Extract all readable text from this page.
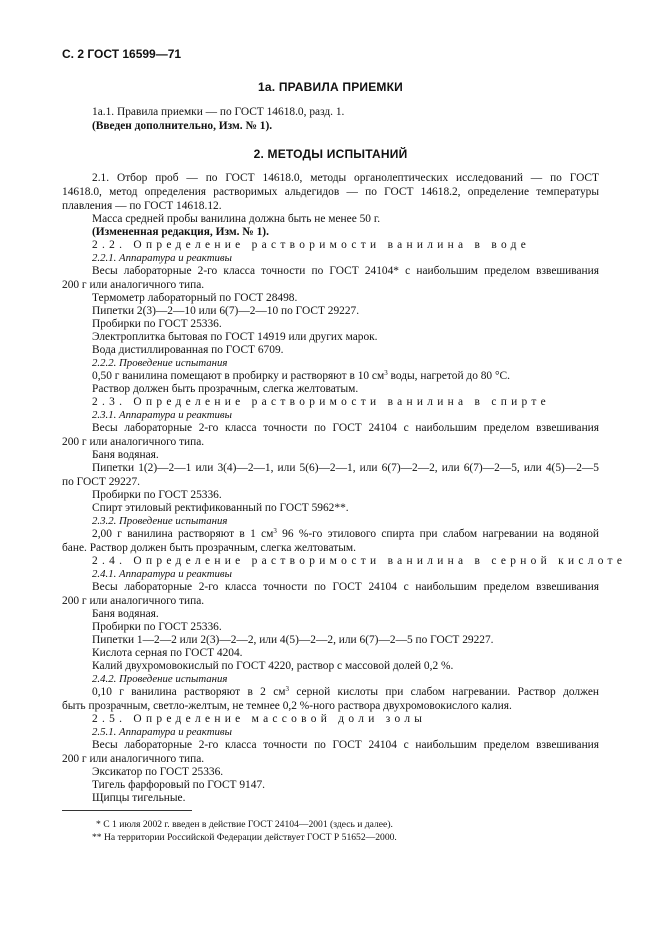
С. 2 ГОСТ 16599—71
1а. ПРАВИЛА ПРИЕМКИ
1а.1. Правила приемки — по ГОСТ 14618.0, разд. 1.
(Введен дополнительно, Изм. № 1).
2. МЕТОДЫ ИСПЫТАНИЙ
2.1. Отбор проб — по ГОСТ 14618.0, методы органолептических исследований — по ГОСТ
14618.0, метод определения растворимых альдегидов — по ГОСТ 14618.2, определение температуры
плавления — по ГОСТ 14618.12.
Масса средней пробы ванилина должна быть не менее 50 г.
(Измененная редакция, Изм. № 1).
2.2. Определение растворимости ванилина в воде
2.2.1. Аппаратура и реактивы
Весы лабораторные 2-го класса точности по ГОСТ 24104* с наибольшим пределом взвешивания
200 г или аналогичного типа.
Термометр лабораторный по ГОСТ 28498.
Пипетки 2(3)—2—10 или 6(7)—2—10 по ГОСТ 29227.
Пробирки по ГОСТ 25336.
Электроплитка бытовая по ГОСТ 14919 или других марок.
Вода дистиллированная по ГОСТ 6709.
2.2.2. Проведение испытания
0,50 г ванилина помещают в пробирку и растворяют в 10 $см^3$ воды, нагретой до 80 °С.
Раствор должен быть прозрачным, слегка желтоватым.
2.3. Определение растворимости ванилина в спирте
2.3.1. Аппаратура и реактивы
Весы лабораторные 2-го класса точности по ГОСТ 24104 с наибольшим пределом взвешивания
200 г или аналогичного типа.
Баня водяная.
Пипетки 1(2)—2—1 или 3(4)—2—1, или 5(6)—2—1, или 6(7)—2—2, или 6(7)—2—5, или 4(5)—2—5
по ГОСТ 29227.
Пробирки по ГОСТ 25336.
Спирт этиловый ректификованный по ГОСТ 5962**.
2.3.2. Проведение испытания
2,00 г ванилина растворяют в 1 $см^3$ 96 %-го этилового спирта при слабом нагревании на водяной
бане. Раствор должен быть прозрачным, слегка желтоватым.
2.4. Определение растворимости ванилина в серной кислоте
2.4.1. Аппаратура и реактивы
Весы лабораторные 2-го класса точности по ГОСТ 24104 с наибольшим пределом взвешивания
200 г или аналогичного типа.
Баня водяная.
Пробирки по ГОСТ 25336.
Пипетки 1—2—2 или 2(3)—2—2, или 4(5)—2—2, или 6(7)—2—5 по ГОСТ 29227.
Кислота серная по ГОСТ 4204.
Калий двухромовокислый по ГОСТ 4220, раствор с массовой долей 0,2 %.
2.4.2. Проведение испытания
0,10 г ванилина растворяют в 2 $см^3$ серной кислоты при слабом нагревании. Раствор должен
быть прозрачным, светло-желтым, не темнее 0,2 %-ного раствора двухромовокислого калия.
2.5. Определение массовой доли золы
2.5.1. Аппаратура и реактивы
Весы лабораторные 2-го класса точности по ГОСТ 24104 с наибольшим пределом взвешивания
200 г или аналогичного типа.
Эксикатор по ГОСТ 25336.
Тигель фарфоровый по ГОСТ 9147.
Щипцы тигельные.
* С 1 июля 2002 г. введен в действие ГОСТ 24104—2001 (здесь и далее).
** На территории Российской Федерации действует ГОСТ Р 51652—2000.
